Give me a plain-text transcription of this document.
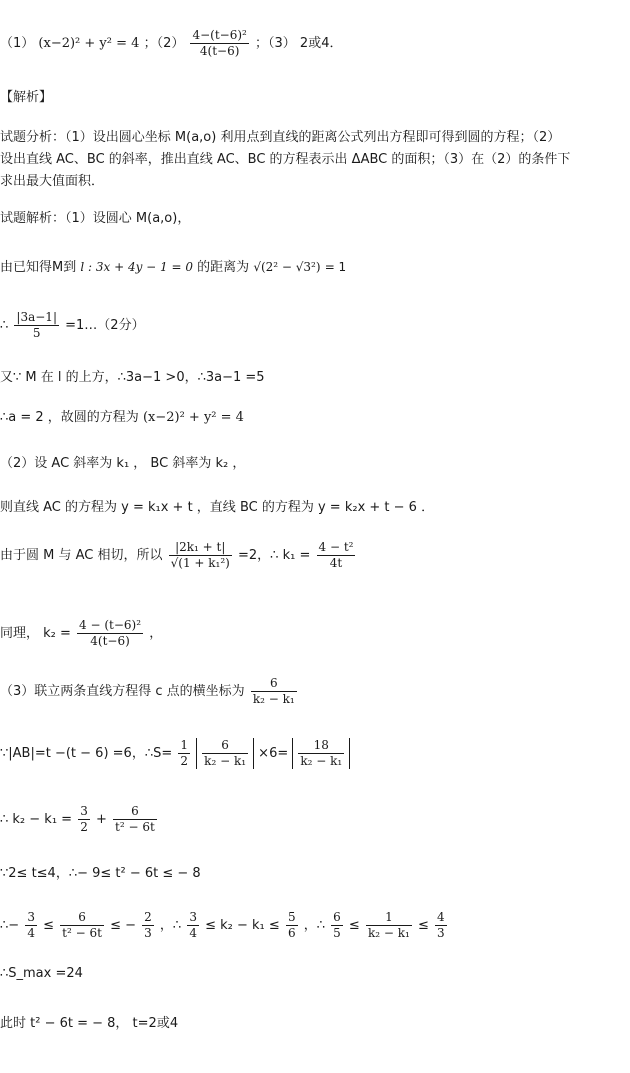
（1） (x−2)² + y² = 4 ；$(2) \frac{\text{4−(t−6)²}}{4(t-6)}$ ；（3） 2或4．
【解析】
试题分析：（1）设出圆心坐标 M(a,o) 利用点到直线的距离公式列出方程即可得到圆的方程；（2）
设出直线 AC、BC 的斜率，推出直线 AC、BC 的方程表示出 ΔABC 的面积；（3）在（2）的条件下
求出最大值面积．
试题解析：（1）设圆心 M(a,o)，
由已知得M到 l : 3x + 4y − 1 = 0 的距离为 √(2² − √3²) = 1
∴ $\frac{|3a-1|}{5}$ =1…（2分）
又∵ M 在 l 的上方，∴3a−1 >0，∴3a−1 =5
∴a = 2 ，故圆的方程为 (x−2)² + y² = 4
（2）设 AC 斜率为 k₁ ， BC 斜率为 k₂ ，
则直线 AC 的方程为 y = k₁x + t ，直线 BC 的方程为 y = k₂x + t − 6 ．
由于圆 M 与 AC 相切，所以 $\frac{\text{|2k₁ + t|}}{\text{√(1 + k₁²)}} =2$，∴ $k_1 = \frac{\text{4 − t²}}{4t}$
同理， $k_2 = \frac{\text{4 − (t−6)²}}{4(t-6)}$ ，
（3）联立两条直线方程得 c 点的横坐标为 $\frac{6}{\text{k₂ − k₁}}$
∵|AB|=t −(t − 6) =6，∴S= $\frac{1}{2}$
$\frac{6}{\text{k₂ − k₁}} \times 6= \frac{18}{\text{k₂ − k₁}}$
∴ $k_2 - k_1 = \frac{3}{2} + \frac{6}{\text{t² − 6t}}$
∵2≤ t≤4，∴− 9≤ t² − 6t ≤ − 8
∴− $\frac{3}{4} \le \frac{6}{\text{t² − 6t}}$ ≤ − $\frac{2}{3}$ ，∴ $\frac{3}{4} \le k_2 - k_1 \le \frac{5}{6}$ ，∴ $\frac{6}{5} \le \frac{1}{\text{k₂ − k₁}} \le \frac{4}{3}$
∴S_max =24
此时 t² − 6t = − 8， t=2或4
